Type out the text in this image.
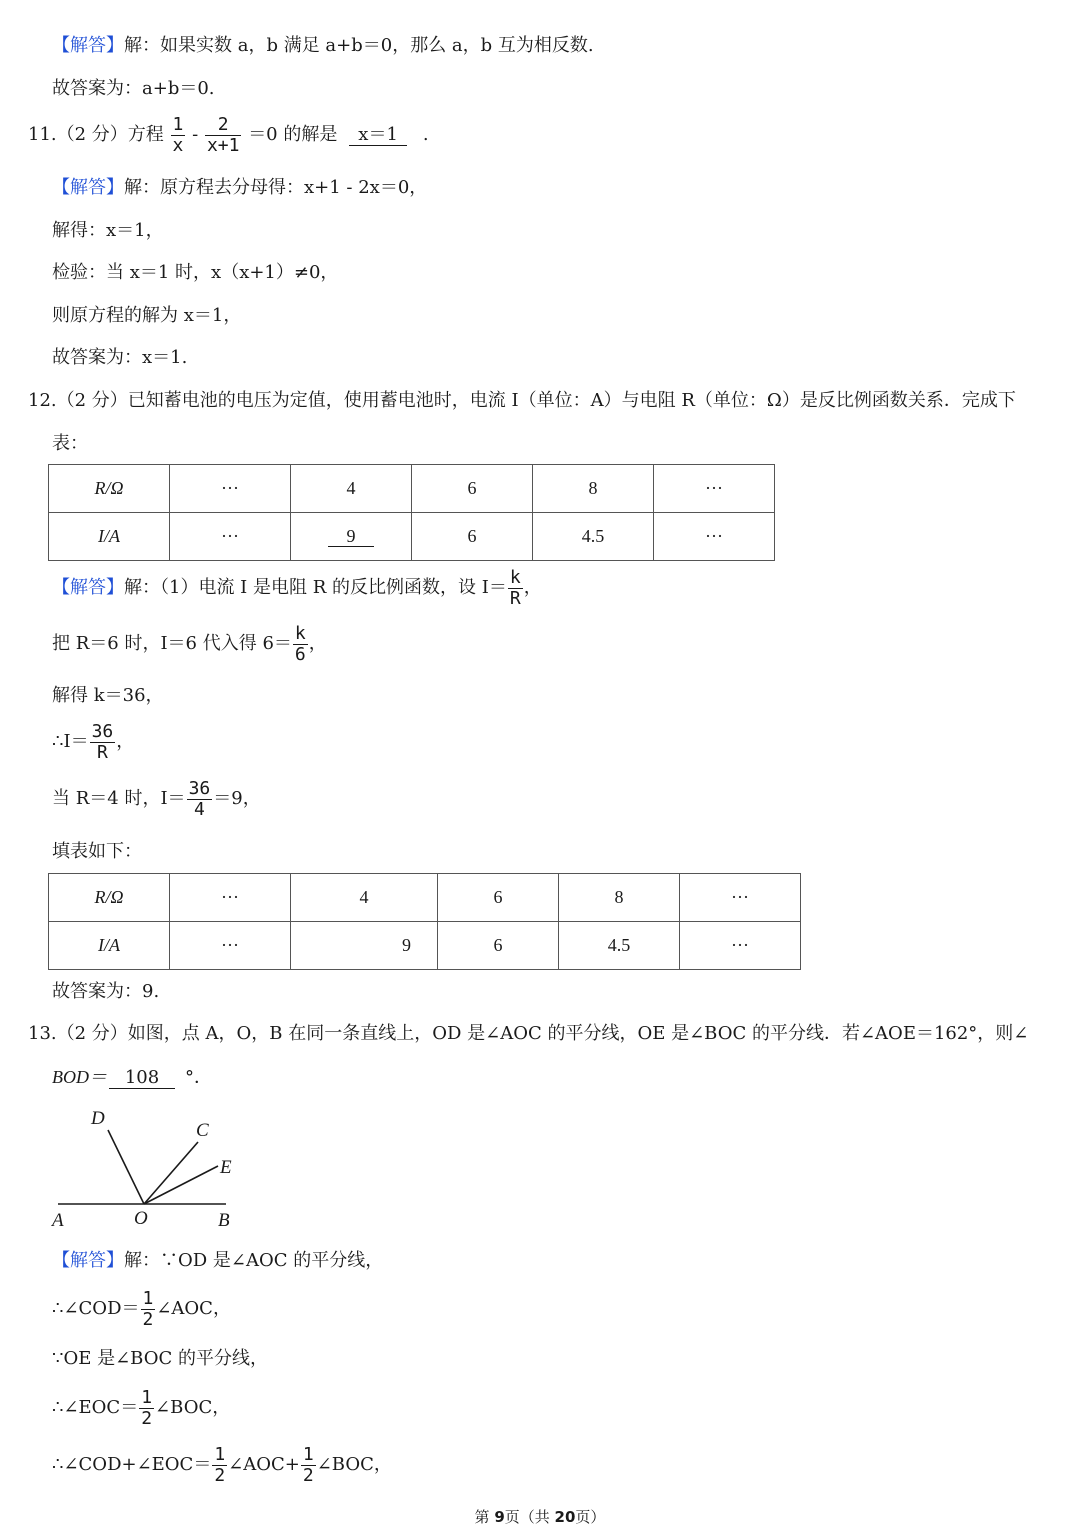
【解答】解：如果实数 a，b 满足 a+b＝0，那么 a，b 互为相反数.
故答案为：a+b＝0.
11.（2 分）方程 $\frac{1}{x} - \frac{2}{x+1} =0$ 的解是 x＝1 .
【解答】解：原方程去分母得：x+1 - 2x＝0，
解得：x＝1，
检验：当 x＝1 时，x（x+1）≠0，
则原方程的解为 x＝1，
故答案为：x＝1.
12.（2 分）已知蓄电池的电压为定值，使用蓄电池时，电流 I（单位：A）与电阻 R（单位：Ω）是反比例函数关系．完成下
表：
R/Ω	···	4	6	8	···
I/A	···	9	6	4.5	···
【解答】解：（1）电流 I 是电阻 R 的反比例函数，设 $I= \frac{k}{R}$ ，
把 R＝6 时，I＝6 代入得 $6= \frac{k}{6}$ ，
解得 k＝36，
∴I＝ $\frac{36}{R}$ ，
当 R＝4 时，$I= \frac{36}{4} =9$，
填表如下：
R/Ω	···	4	6	8	···
I/A	···	9	6	4.5	···
故答案为：9.
13.（2 分）如图，点 A，O，B 在同一条直线上，OD 是∠AOC 的平分线，OE 是∠BOC 的平分线．若∠AOE＝162°，则∠
BOD＝ 108 °．
D
C
E
A	O	B
【解答】解：∵OD 是∠AOC 的平分线，
∴∠COD＝ $\frac{1}{2}$ ∠AOC，
∵OE 是∠BOC 的平分线，
∴∠EOC＝ $\frac{1}{2}$ ∠BOC，
∴∠COD+∠EOC＝ $\frac{1}{2}$ ∠AOC+ $\frac{1}{2}$ ∠BOC，
第 9页（共 20页）
